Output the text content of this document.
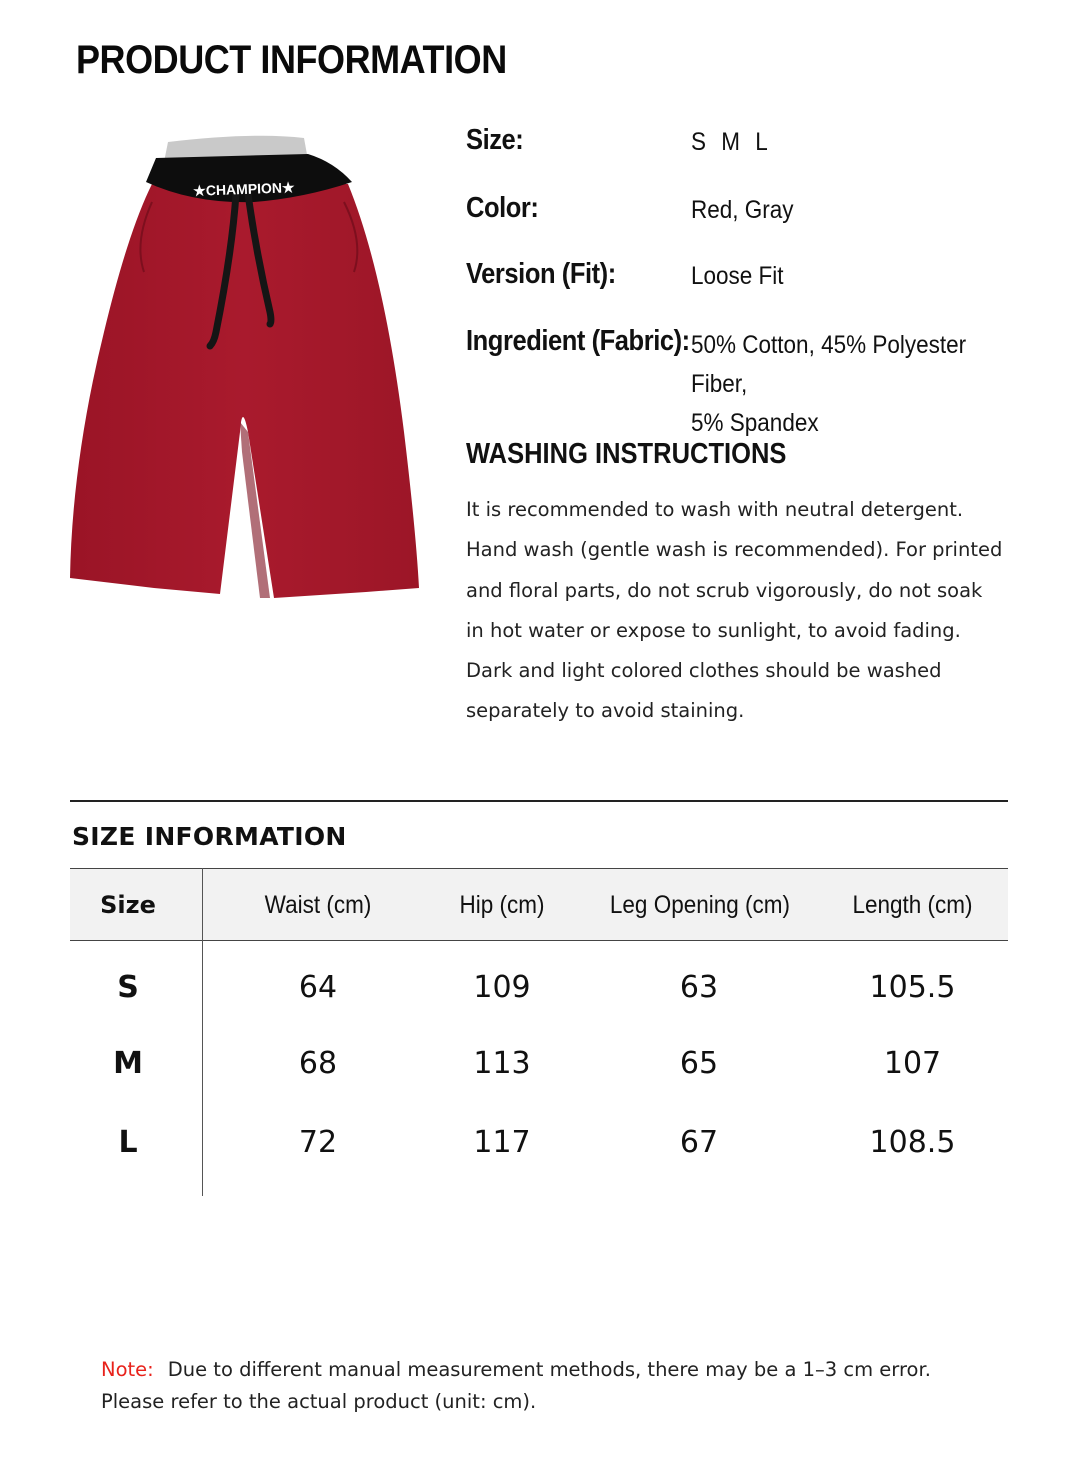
PRODUCT INFORMATION
★CHAMPION★
Size:	S M L
Color:	Red, Gray
Version (Fit):	Loose Fit
Ingredient (Fabric): 50% Cotton, 45% Polyester Fiber,
5% Spandex
WASHING INSTRUCTIONS
It is recommended to wash with neutral detergent.
Hand wash (gentle wash is recommended). For printed
and floral parts, do not scrub vigorously, do not soak
in hot water or expose to sunlight, to avoid fading.
Dark and light colored clothes should be washed
separately to avoid staining.
SIZE INFORMATION
Size	Waist (cm)	Hip (cm)	Leg Opening (cm)	Length (cm)
S	64	109	63	105.5
M	68	113	65	107
L	72	117	67	108.5
Note: Due to different manual measurement methods, there may be a 1–3 cm error.
Please refer to the actual product (unit: cm).
